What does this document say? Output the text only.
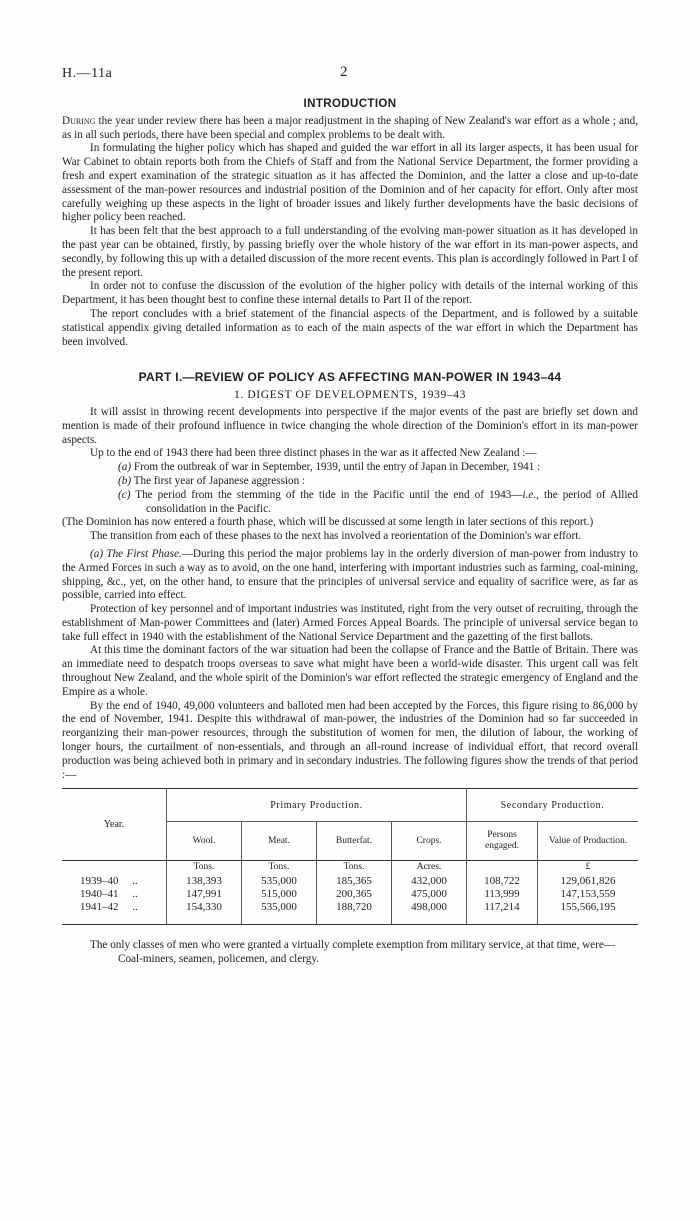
H.—11a	2
INTRODUCTION

During the year under review there has been a major readjustment in the shaping of New Zealand's war effort as a whole ; and, as in all such periods, there have been special and complex problems to be dealt with.

In formulating the higher policy which has shaped and guided the war effort in all its larger aspects, it has been usual for War Cabinet to obtain reports both from the Chiefs of Staff and from the National Service Department, the former providing a fresh and expert examination of the strategic situation as it has affected the Dominion, and the latter a close and up-to-date assessment of the man-power resources and industrial position of the Dominion and of her capacity for effort. Only after most carefully weighing up these aspects in the light of broader issues and likely further developments have the basic decisions of higher policy been reached.

It has been felt that the best approach to a full understanding of the evolving man-power situation as it has developed in the past year can be obtained, firstly, by passing briefly over the whole history of the war effort in its man-power aspects, and secondly, by following this up with a detailed discussion of the more recent events. This plan is accordingly followed in Part I of the present report.

In order not to confuse the discussion of the evolution of the higher policy with details of the internal working of this Department, it has been thought best to confine these internal details to Part II of the report.

The report concludes with a brief statement of the financial aspects of the Department, and is followed by a suitable statistical appendix giving detailed information as to each of the main aspects of the war effort in which the Department has been involved.

PART I.—REVIEW OF POLICY AS AFFECTING MAN-POWER IN 1943–44
1. DIGEST OF DEVELOPMENTS, 1939–43

It will assist in throwing recent developments into perspective if the major events of the past are briefly set down and mention is made of their profound influence in twice changing the whole direction of the Dominion's effort in its man-power aspects.

Up to the end of 1943 there had been three distinct phases in the war as it affected New Zealand :—

(a) From the outbreak of war in September, 1939, until the entry of Japan in December, 1941 :

(b) The first year of Japanese aggression :

(c) The period from the stemming of the tide in the Pacific until the end of 1943—i.e., the period of Allied consolidation in the Pacific.

(The Dominion has now entered a fourth phase, which will be discussed at some length in later sections of this report.)

The transition from each of these phases to the next has involved a reorientation of the Dominion's war effort.

(a) The First Phase.—During this period the major problems lay in the orderly diversion of man-power from industry to the Armed Forces in such a way as to avoid, on the one hand, interfering with important industries such as farming, coal-mining, shipping, &c., yet, on the other hand, to ensure that the principles of universal service and equality of sacrifice were, as far as possible, carried into effect.

Protection of key personnel and of important industries was instituted, right from the very outset of recruiting, through the establishment of Man-power Committees and (later) Armed Forces Appeal Boards. The principle of universal service began to take full effect in 1940 with the establishment of the National Service Department and the gazetting of the first ballots.

At this time the dominant factors of the war situation had been the collapse of France and the Battle of Britain. There was an immediate need to despatch troops overseas to save what might have been a world-wide disaster. This urgent call was felt throughout New Zealand, and the whole spirit of the Dominion's war effort reflected the strategic emergency of England and the Empire as a whole.

By the end of 1940, 49,000 volunteers and balloted men had been accepted by the Forces, this figure rising to 86,000 by the end of November, 1941. Despite this withdrawal of man-power, the industries of the Dominion had so far succeeded in reorganizing their man-power resources, through the substitution of women for men, the dilution of labour, the working of longer hours, the curtailment of non-essentials, and through an all-round increase of individual effort, that record overall production was being achieved both in primary and in secondary industries. The following figures show the trends of that period :—

Year.	Primary Production.				Secondary Production.	
	Wool.	Meat.	Butterfat.	Crops.	Persons engaged.	Value of Production.
	Tons.	Tons.	Tons.	Acres.		£
1939–40 ..	138,393	535,000	185,365	432,000	108,722	129,061,826
1940–41 ..	147,991	515,000	200,365	475,000	113,999	147,153,559
1941–42 ..	154,330	535,000	188,720	498,000	117,214	155,566,195

The only classes of men who were granted a virtually complete exemption from military service, at that time, were—

Coal-miners, seamen, policemen, and clergy.
